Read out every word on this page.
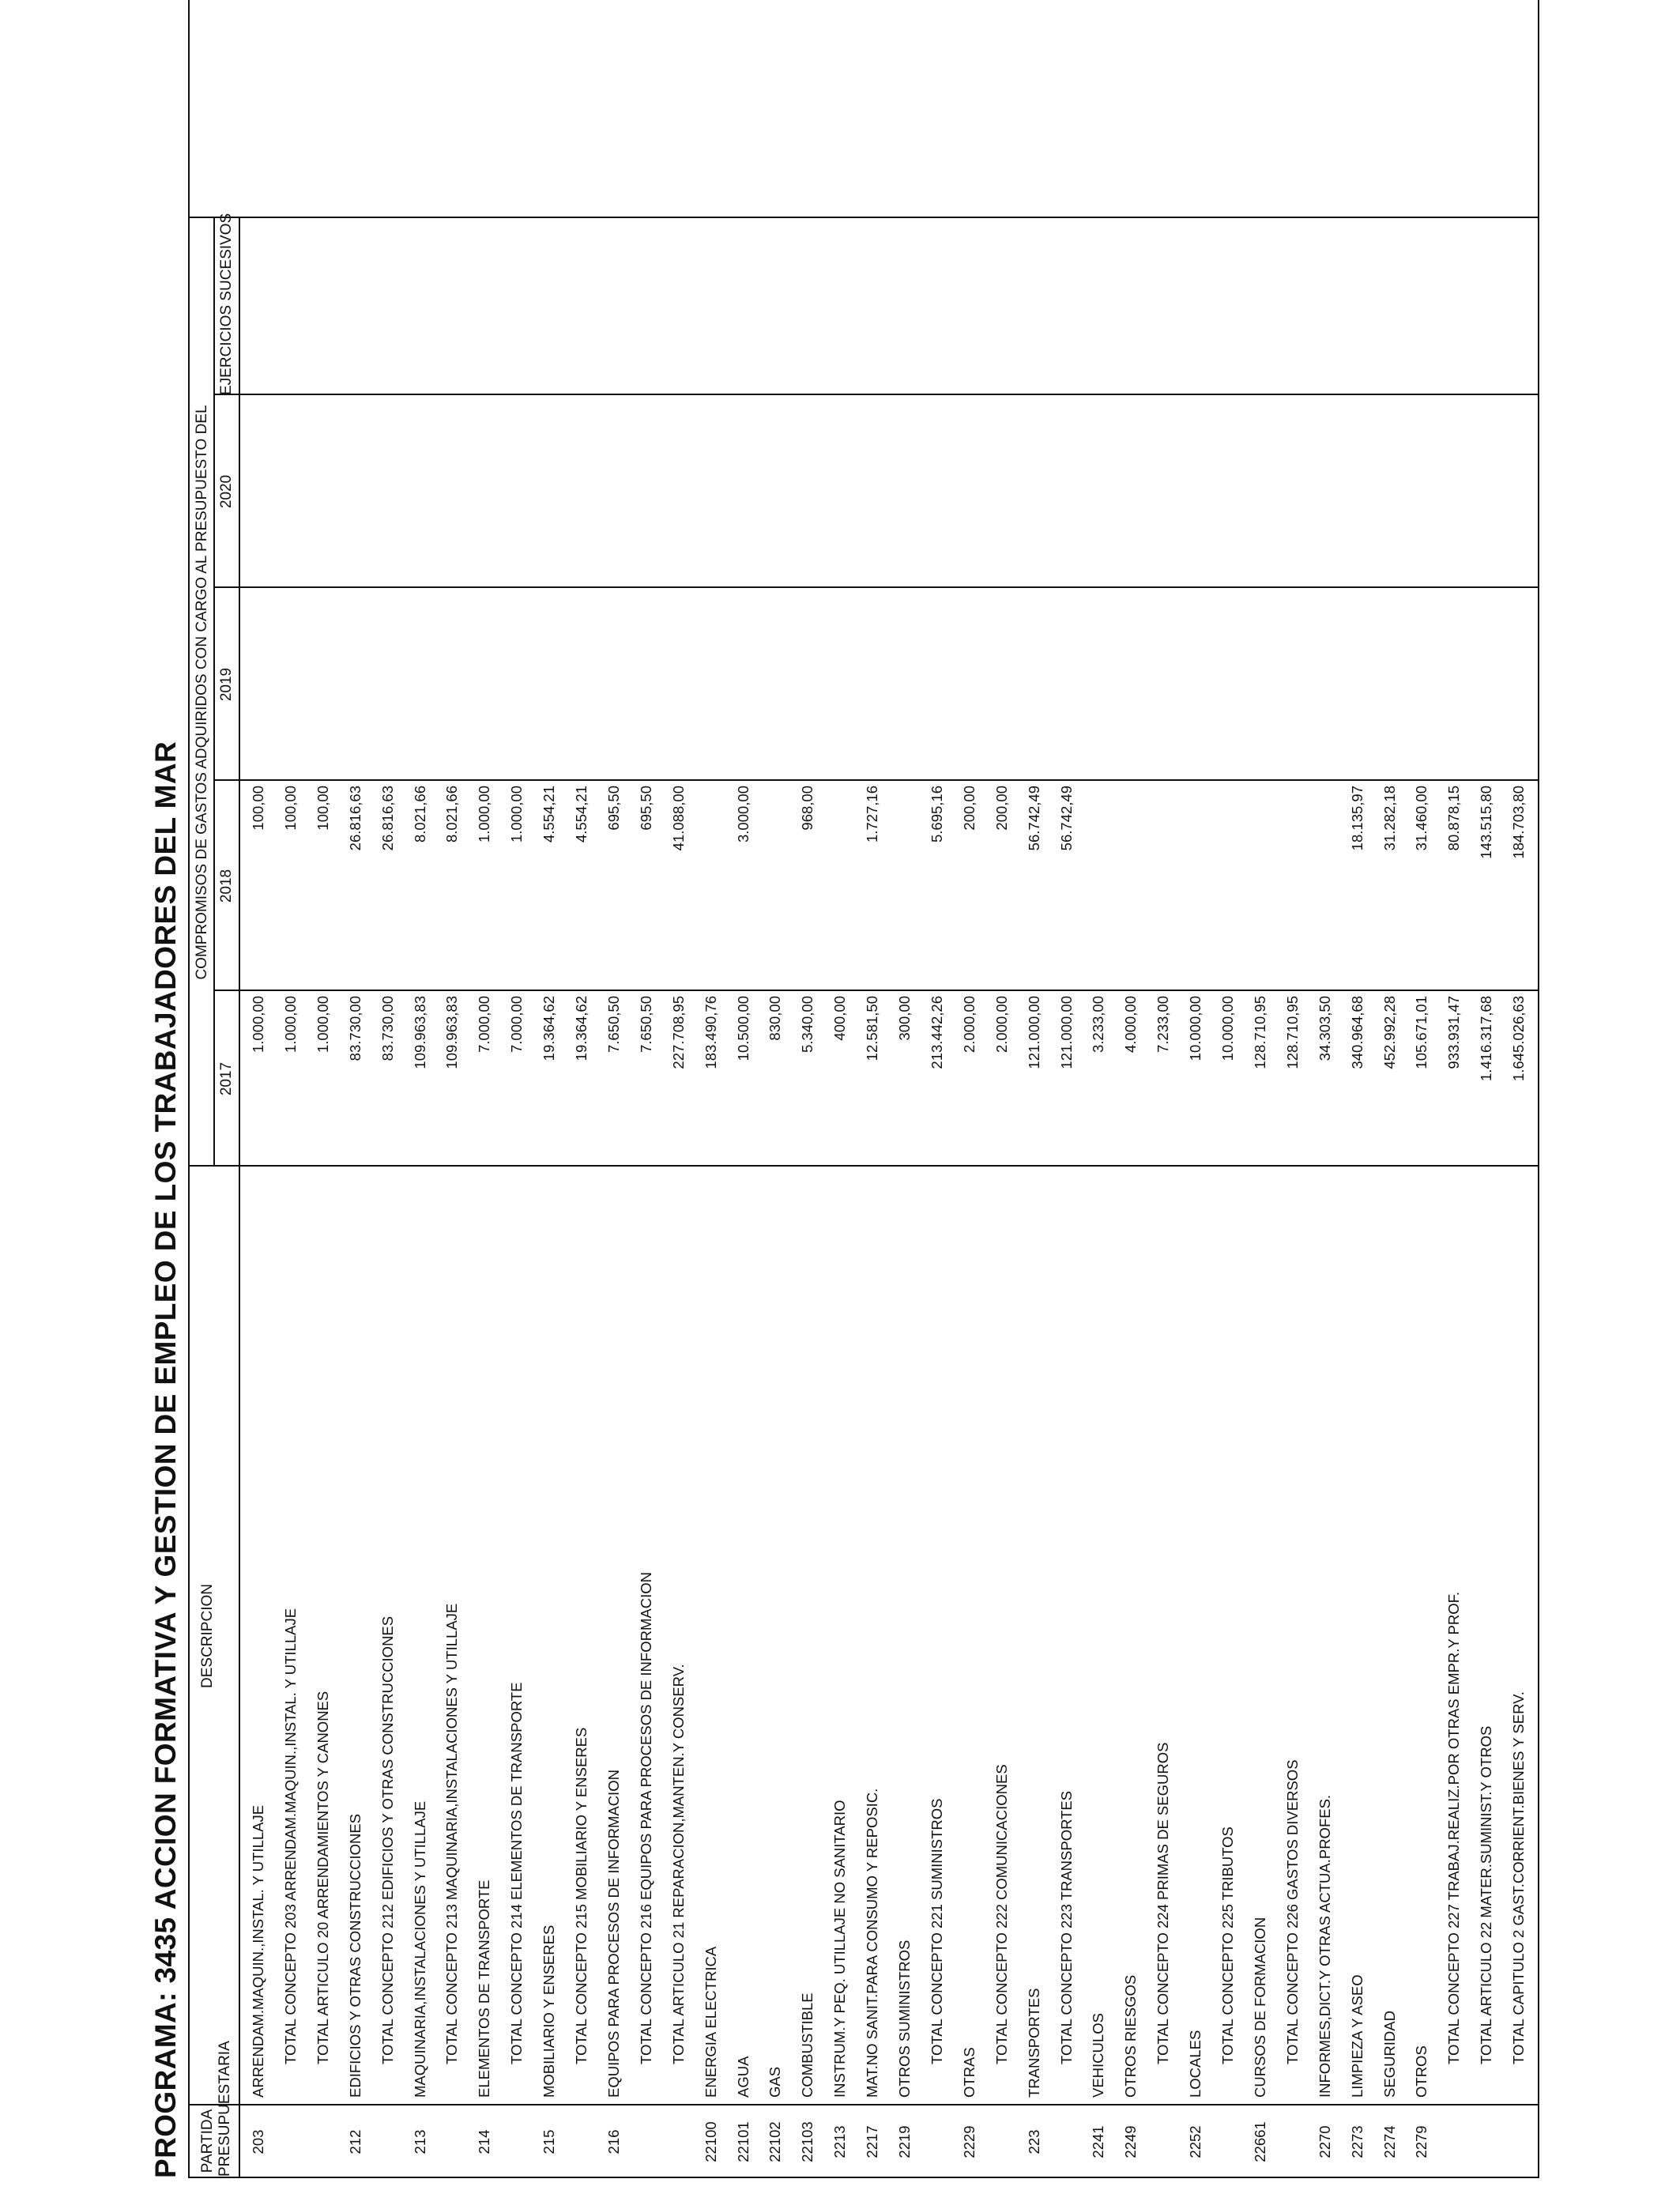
PROGRAMA: 3435 ACCION FORMATIVA Y GESTION DE EMPLEO DE LOS TRABAJADORES DEL MAR PARTIDA PRESUPUESTARIA
DESCRIPCION
COMPROMISOS DE GASTOS ADQUIRIDOS CON CARGO AL PRESUPUESTO DEL
2017
2018
2019
2020
EJERCICIOS SUCESIVOS
203
ARRENDAM.MAQUIN.,INSTAL. Y UTILLAJE
1.000,00
100,00
TOTAL CONCEPTO 203 ARRENDAM.MAQUIN.,INSTAL. Y UTILLAJE
1.000,00
100,00
TOTAL ARTICULO 20 ARRENDAMIENTOS Y CANONES
1.000,00
100,00
212
EDIFICIOS Y OTRAS CONSTRUCCIONES
83.730,00
26.816,63
TOTAL CONCEPTO 212 EDIFICIOS Y OTRAS CONSTRUCCIONES
83.730,00
26.816,63
213
MAQUINARIA,INSTALACIONES Y UTILLAJE
109.963,83
8.021,66
TOTAL CONCEPTO 213 MAQUINARIA,INSTALACIONES Y UTILLAJE
109.963,83
8.021,66
214
ELEMENTOS DE TRANSPORTE
7.000,00
1.000,00
TOTAL CONCEPTO 214 ELEMENTOS DE TRANSPORTE
7.000,00
1.000,00
215
MOBILIARIO Y ENSERES
19.364,62
4.554,21
TOTAL CONCEPTO 215 MOBILIARIO Y ENSERES
19.364,62
4.554,21
216
EQUIPOS PARA PROCESOS DE INFORMACION
7.650,50
695,50
TOTAL CONCEPTO 216 EQUIPOS PARA PROCESOS DE INFORMACION
7.650,50
695,50
TOTAL ARTICULO 21 REPARACION,MANTEN.Y CONSERV.
227.708,95
41.088,00
22100
ENERGIA ELECTRICA
183.490,76
22101
AGUA
10.500,00
3.000,00
22102
GAS
830,00
22103
COMBUSTIBLE
5.340,00
968,00
2213
INSTRUM.Y PEQ. UTILLAJE NO SANITARIO
400,00
2217
MAT.NO SANIT.PARA CONSUMO Y REPOSIC.
12.581,50
1.727,16
2219
OTROS SUMINISTROS
300,00
TOTAL CONCEPTO 221 SUMINISTROS
213.442,26
5.695,16
2229
OTRAS
2.000,00
200,00
TOTAL CONCEPTO 222 COMUNICACIONES
2.000,00
200,00
223
TRANSPORTES
121.000,00
56.742,49
TOTAL CONCEPTO 223 TRANSPORTES
121.000,00
56.742,49
2241
VEHICULOS
3.233,00
2249
OTROS RIESGOS
4.000,00
TOTAL CONCEPTO 224 PRIMAS DE SEGUROS
7.233,00
2252
LOCALES
10.000,00
TOTAL CONCEPTO 225 TRIBUTOS
10.000,00
22661
CURSOS DE FORMACION
128.710,95
TOTAL CONCEPTO 226 GASTOS DIVERSOS
128.710,95
2270
INFORMES,DICT.Y OTRAS ACTUA.PROFES.
34.303,50
2273
LIMPIEZA Y ASEO
340.964,68
18.135,97
2274
SEGURIDAD
452.992,28
31.282,18
2279
OTROS
105.671,01
31.460,00
TOTAL CONCEPTO 227 TRABAJ.REALIZ.POR OTRAS EMPR.Y PROF.
933.931,47
80.878,15
TOTAL ARTICULO 22 MATER.SUMINIST.Y OTROS
1.416.317,68
143.515,80
TOTAL CAPITULO 2 GAST.CORRIENT.BIENES Y SERV.
1.645.026,63
184.703,80
